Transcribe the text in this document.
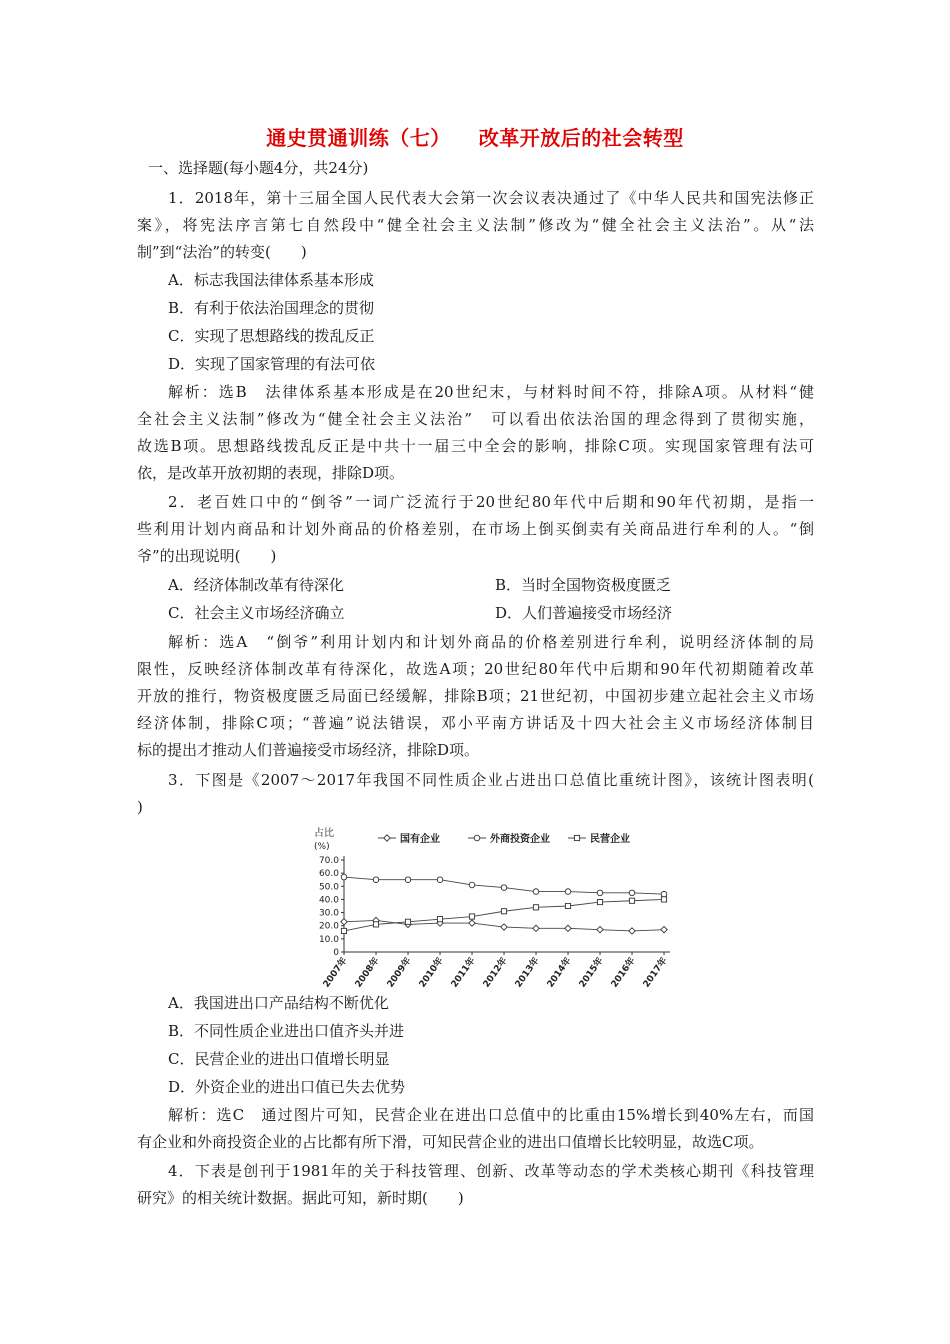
通史贯通训练（七） 改革开放后的社会转型
一、选择题(每小题4分，共24分)
1．2018年，第十三届全国人民代表大会第一次会议表决通过了《中华人民共和国宪法修正
案》，将宪法序言第七自然段中“健全社会主义法制”修改为“健全社会主义法治”。从“法
制”到“法治”的转变(　　)
A．标志我国法律体系基本形成
B．有利于依法治国理念的贯彻
C．实现了思想路线的拨乱反正
D．实现了国家管理的有法可依
解析：选B　法律体系基本形成是在20世纪末，与材料时间不符，排除A项。从材料“健
全社会主义法制”修改为“健全社会主义法治”　可以看出依法治国的理念得到了贯彻实施，
故选B项。思想路线拨乱反正是中共十一届三中全会的影响，排除C项。实现国家管理有法可
依，是改革开放初期的表现，排除D项。
2．老百姓口中的“倒爷”一词广泛流行于20世纪80年代中后期和90年代初期，是指一
些利用计划内商品和计划外商品的价格差别，在市场上倒买倒卖有关商品进行牟利的人。“倒
爷”的出现说明(　　)
A．经济体制改革有待深化	B．当时全国物资极度匮乏
C．社会主义市场经济确立	D．人们普遍接受市场经济
解析：选A　“倒爷”利用计划内和计划外商品的价格差别进行牟利，说明经济体制的局
限性，反映经济体制改革有待深化，故选A项；20世纪80年代中后期和90年代初期随着改革
开放的推行，物资极度匮乏局面已经缓解，排除B项；21世纪初，中国初步建立起社会主义市场
经济体制，排除C项；“普遍”说法错误，邓小平南方讲话及十四大社会主义市场经济体制目
标的提出才推动人们普遍接受市场经济，排除D项。
3．下图是《2007～2017年我国不同性质企业占进出口总值比重统计图》，该统计图表明(
)
占比
(%)
国有企业	外商投资企业	民营企业
70.0
60.0
50.0
40.0
30.0
20.0
10.0
0
2007年 2008年 2009年 2010年 2011年 2012年 2013年 2014年 2015年 2016年 2017年
A．我国进出口产品结构不断优化
B．不同性质企业进出口值齐头并进
C．民营企业的进出口值增长明显
D．外资企业的进出口值已失去优势
解析：选C　通过图片可知，民营企业在进出口总值中的比重由15%增长到40%左右，而国
有企业和外商投资企业的占比都有所下滑，可知民营企业的进出口值增长比较明显，故选C项。
4．下表是创刊于1981年的关于科技管理、创新、改革等动态的学术类核心期刊《科技管理
研究》的相关统计数据。据此可知，新时期(　　)
